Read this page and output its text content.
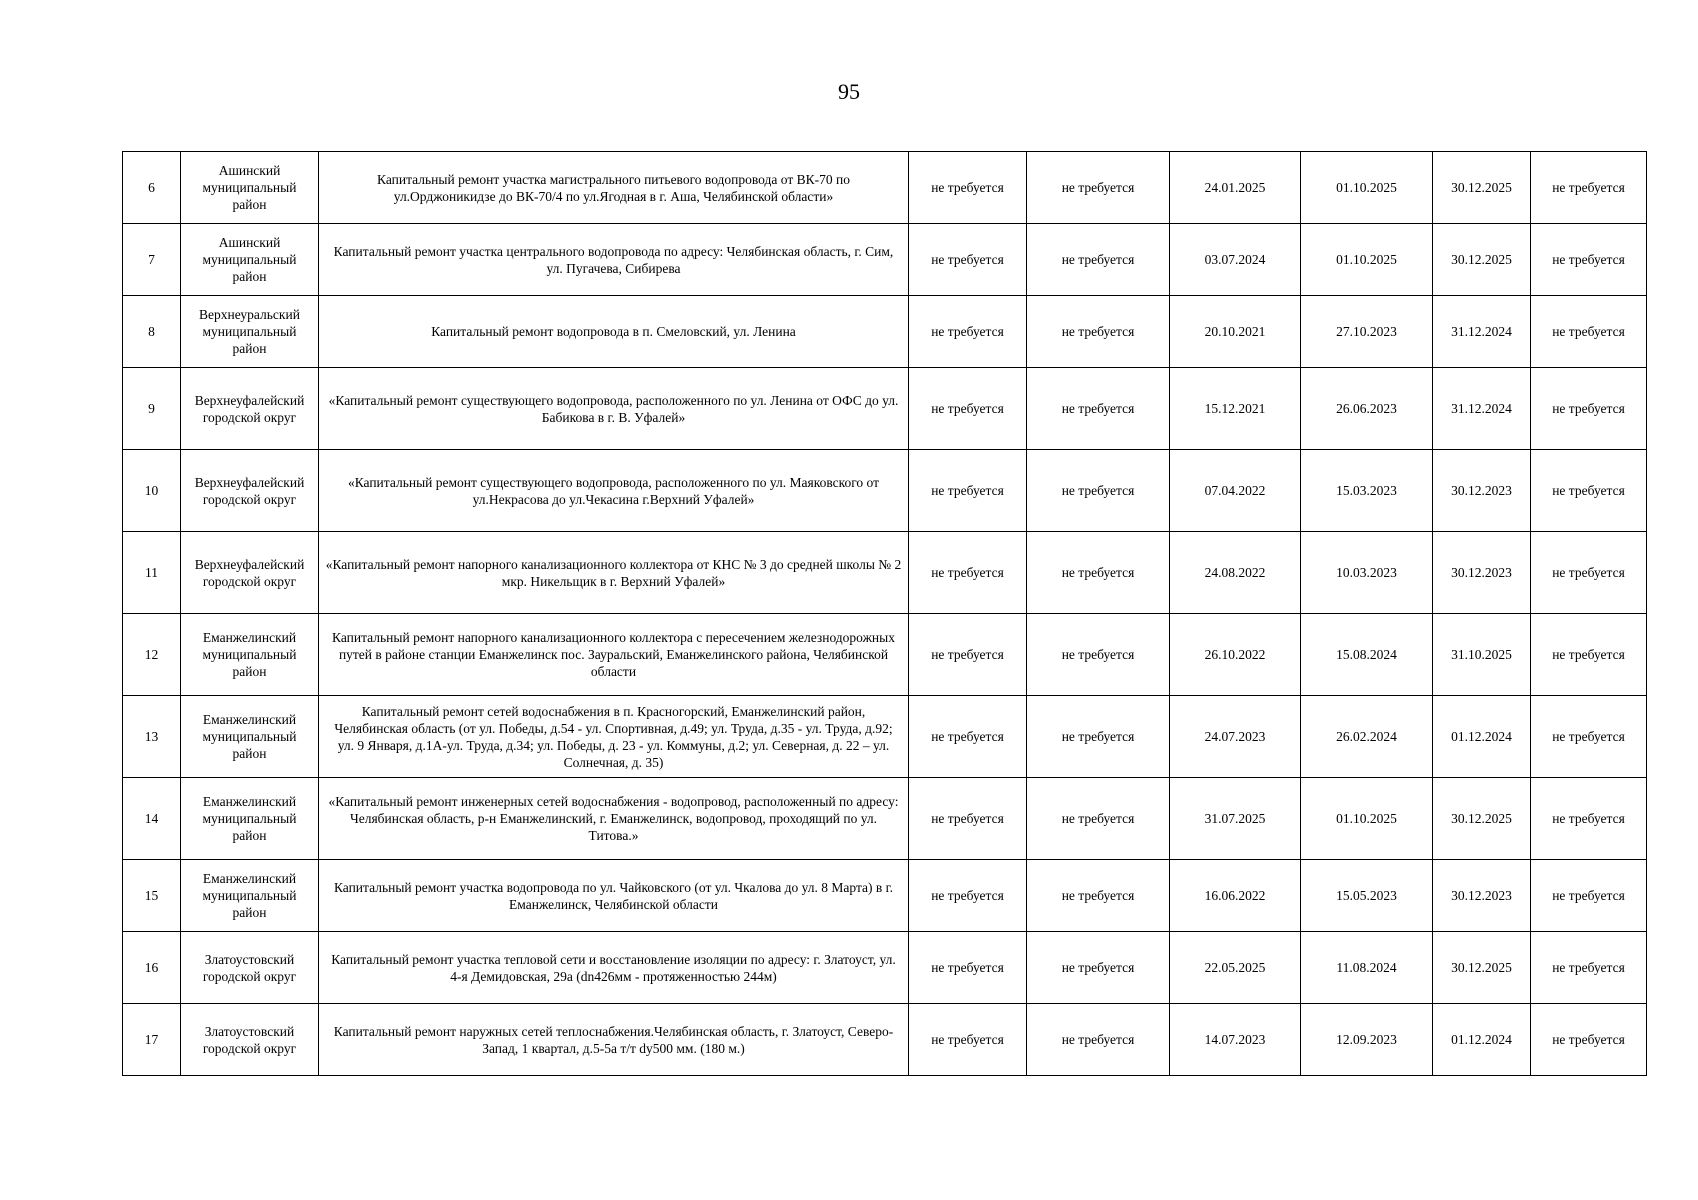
95
6	Ашинский муниципальный район	Капитальный ремонт участка магистрального питьевого водопровода от ВК-70 по ул.Орджоникидзе до ВК-70/4 по ул.Ягодная в г. Аша, Челябинской области»	не требуется	не требуется	24.01.2025	01.10.2025	30.12.2025	не требуется
7	Ашинский муниципальный район	Капитальный ремонт участка центрального водопровода по адресу: Челябинская область, г. Сим, ул. Пугачева, Сибирева	не требуется	не требуется	03.07.2024	01.10.2025	30.12.2025	не требуется
8	Верхнеуральский муниципальный район	Капитальный ремонт водопровода в п. Смеловский, ул. Ленина	не требуется	не требуется	20.10.2021	27.10.2023	31.12.2024	не требуется
9	Верхнеуфалейский городской округ	«Капитальный ремонт существующего водопровода, расположенного по ул. Ленина от ОФС до ул. Бабикова в г. В. Уфалей»	не требуется	не требуется	15.12.2021	26.06.2023	31.12.2024	не требуется
10	Верхнеуфалейский городской округ	«Капитальный ремонт существующего водопровода, расположенного по ул. Маяковского от ул.Некрасова до ул.Чекасина г.Верхний Уфалей»	не требуется	не требуется	07.04.2022	15.03.2023	30.12.2023	не требуется
11	Верхнеуфалейский городской округ	«Капитальный ремонт напорного канализационного коллектора от КНС № 3 до средней школы № 2 мкр. Никельщик в г. Верхний Уфалей»	не требуется	не требуется	24.08.2022	10.03.2023	30.12.2023	не требуется
12	Еманжелинский муниципальный район	Капитальный ремонт напорного канализационного коллектора с пересечением железнодорожных путей в районе станции Еманжелинск пос. Зауральский, Еманжелинского района, Челябинской области	не требуется	не требуется	26.10.2022	15.08.2024	31.10.2025	не требуется
13	Еманжелинский муниципальный район	Капитальный ремонт сетей водоснабжения в п. Красногорский, Еманжелинский район, Челябинская область (от ул. Победы, д.54 - ул. Спортивная, д.49; ул. Труда, д.35 - ул. Труда, д.92; ул. 9 Января, д.1А-ул. Труда, д.34; ул. Победы, д. 23 - ул. Коммуны, д.2; ул. Северная, д. 22 – ул. Солнечная, д. 35)	не требуется	не требуется	24.07.2023	26.02.2024	01.12.2024	не требуется
14	Еманжелинский муниципальный район	«Капитальный ремонт инженерных сетей водоснабжения - водопровод, расположенный по адресу: Челябинская область, р-н Еманжелинский, г. Еманжелинск, водопровод, проходящий по ул. Титова.»	не требуется	не требуется	31.07.2025	01.10.2025	30.12.2025	не требуется
15	Еманжелинский муниципальный район	Капитальный ремонт участка водопровода по ул. Чайковского (от ул. Чкалова до ул. 8 Марта) в г. Еманжелинск, Челябинской области	не требуется	не требуется	16.06.2022	15.05.2023	30.12.2023	не требуется
16	Златоустовский городской округ	Капитальный ремонт участка тепловой сети и восстановление изоляции по адресу: г. Златоуст, ул. 4-я Демидовская, 29а (dn426мм - протяженностью 244м)	не требуется	не требуется	22.05.2025	11.08.2024	30.12.2025	не требуется
17	Златоустовский городской округ	Капитальный ремонт наружных сетей теплоснабжения.Челябинская область, г. Златоуст, Северо-Запад, 1 квартал, д.5-5а т/т dу500 мм. (180 м.)	не требуется	не требуется	14.07.2023	12.09.2023	01.12.2024	не требуется
